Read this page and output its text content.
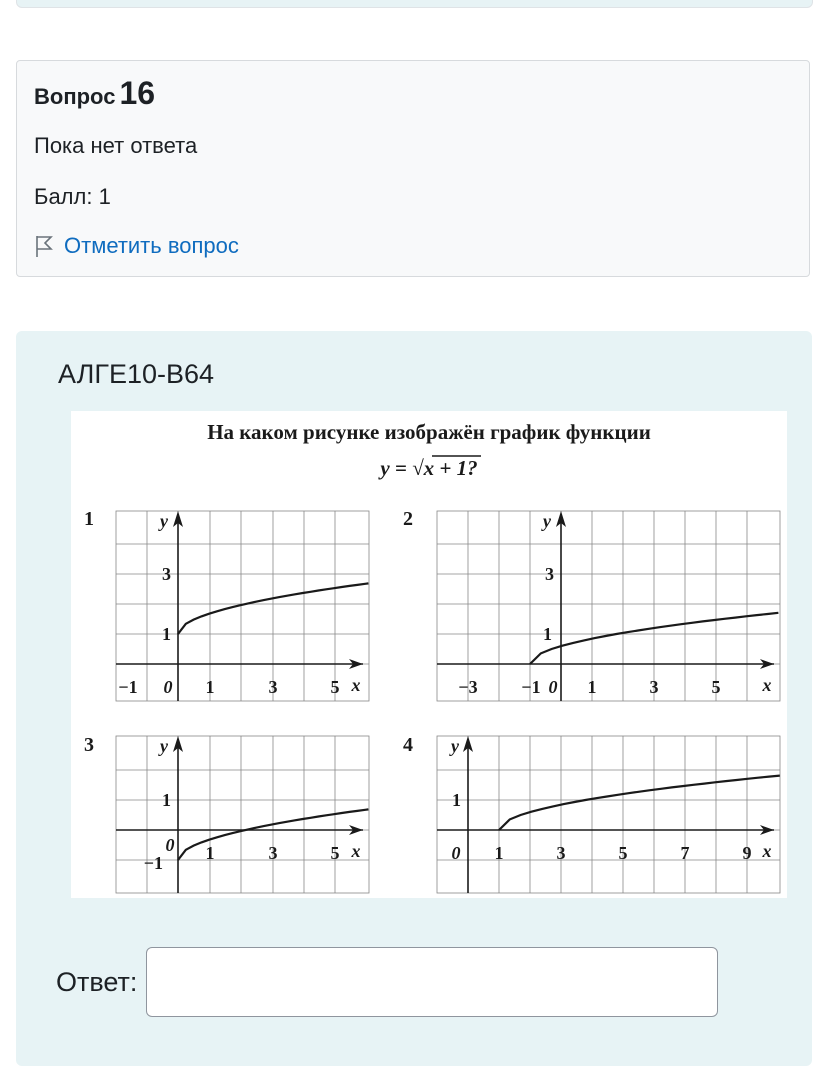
Вопрос 16
Пока нет ответа
Балл: 1
Отметить вопрос
АЛГЕ10-В64
На каком рисунке изображён график функции
y = √x + 1?
1
−1 0 1	3	5 x
y
3
1
2
−3 −1 0 1	3	5 x
y
3
1
3
0 1	3	5 x
y
1
−1
4
0 1	3	5	7	9 x
y
1
Ответ:
